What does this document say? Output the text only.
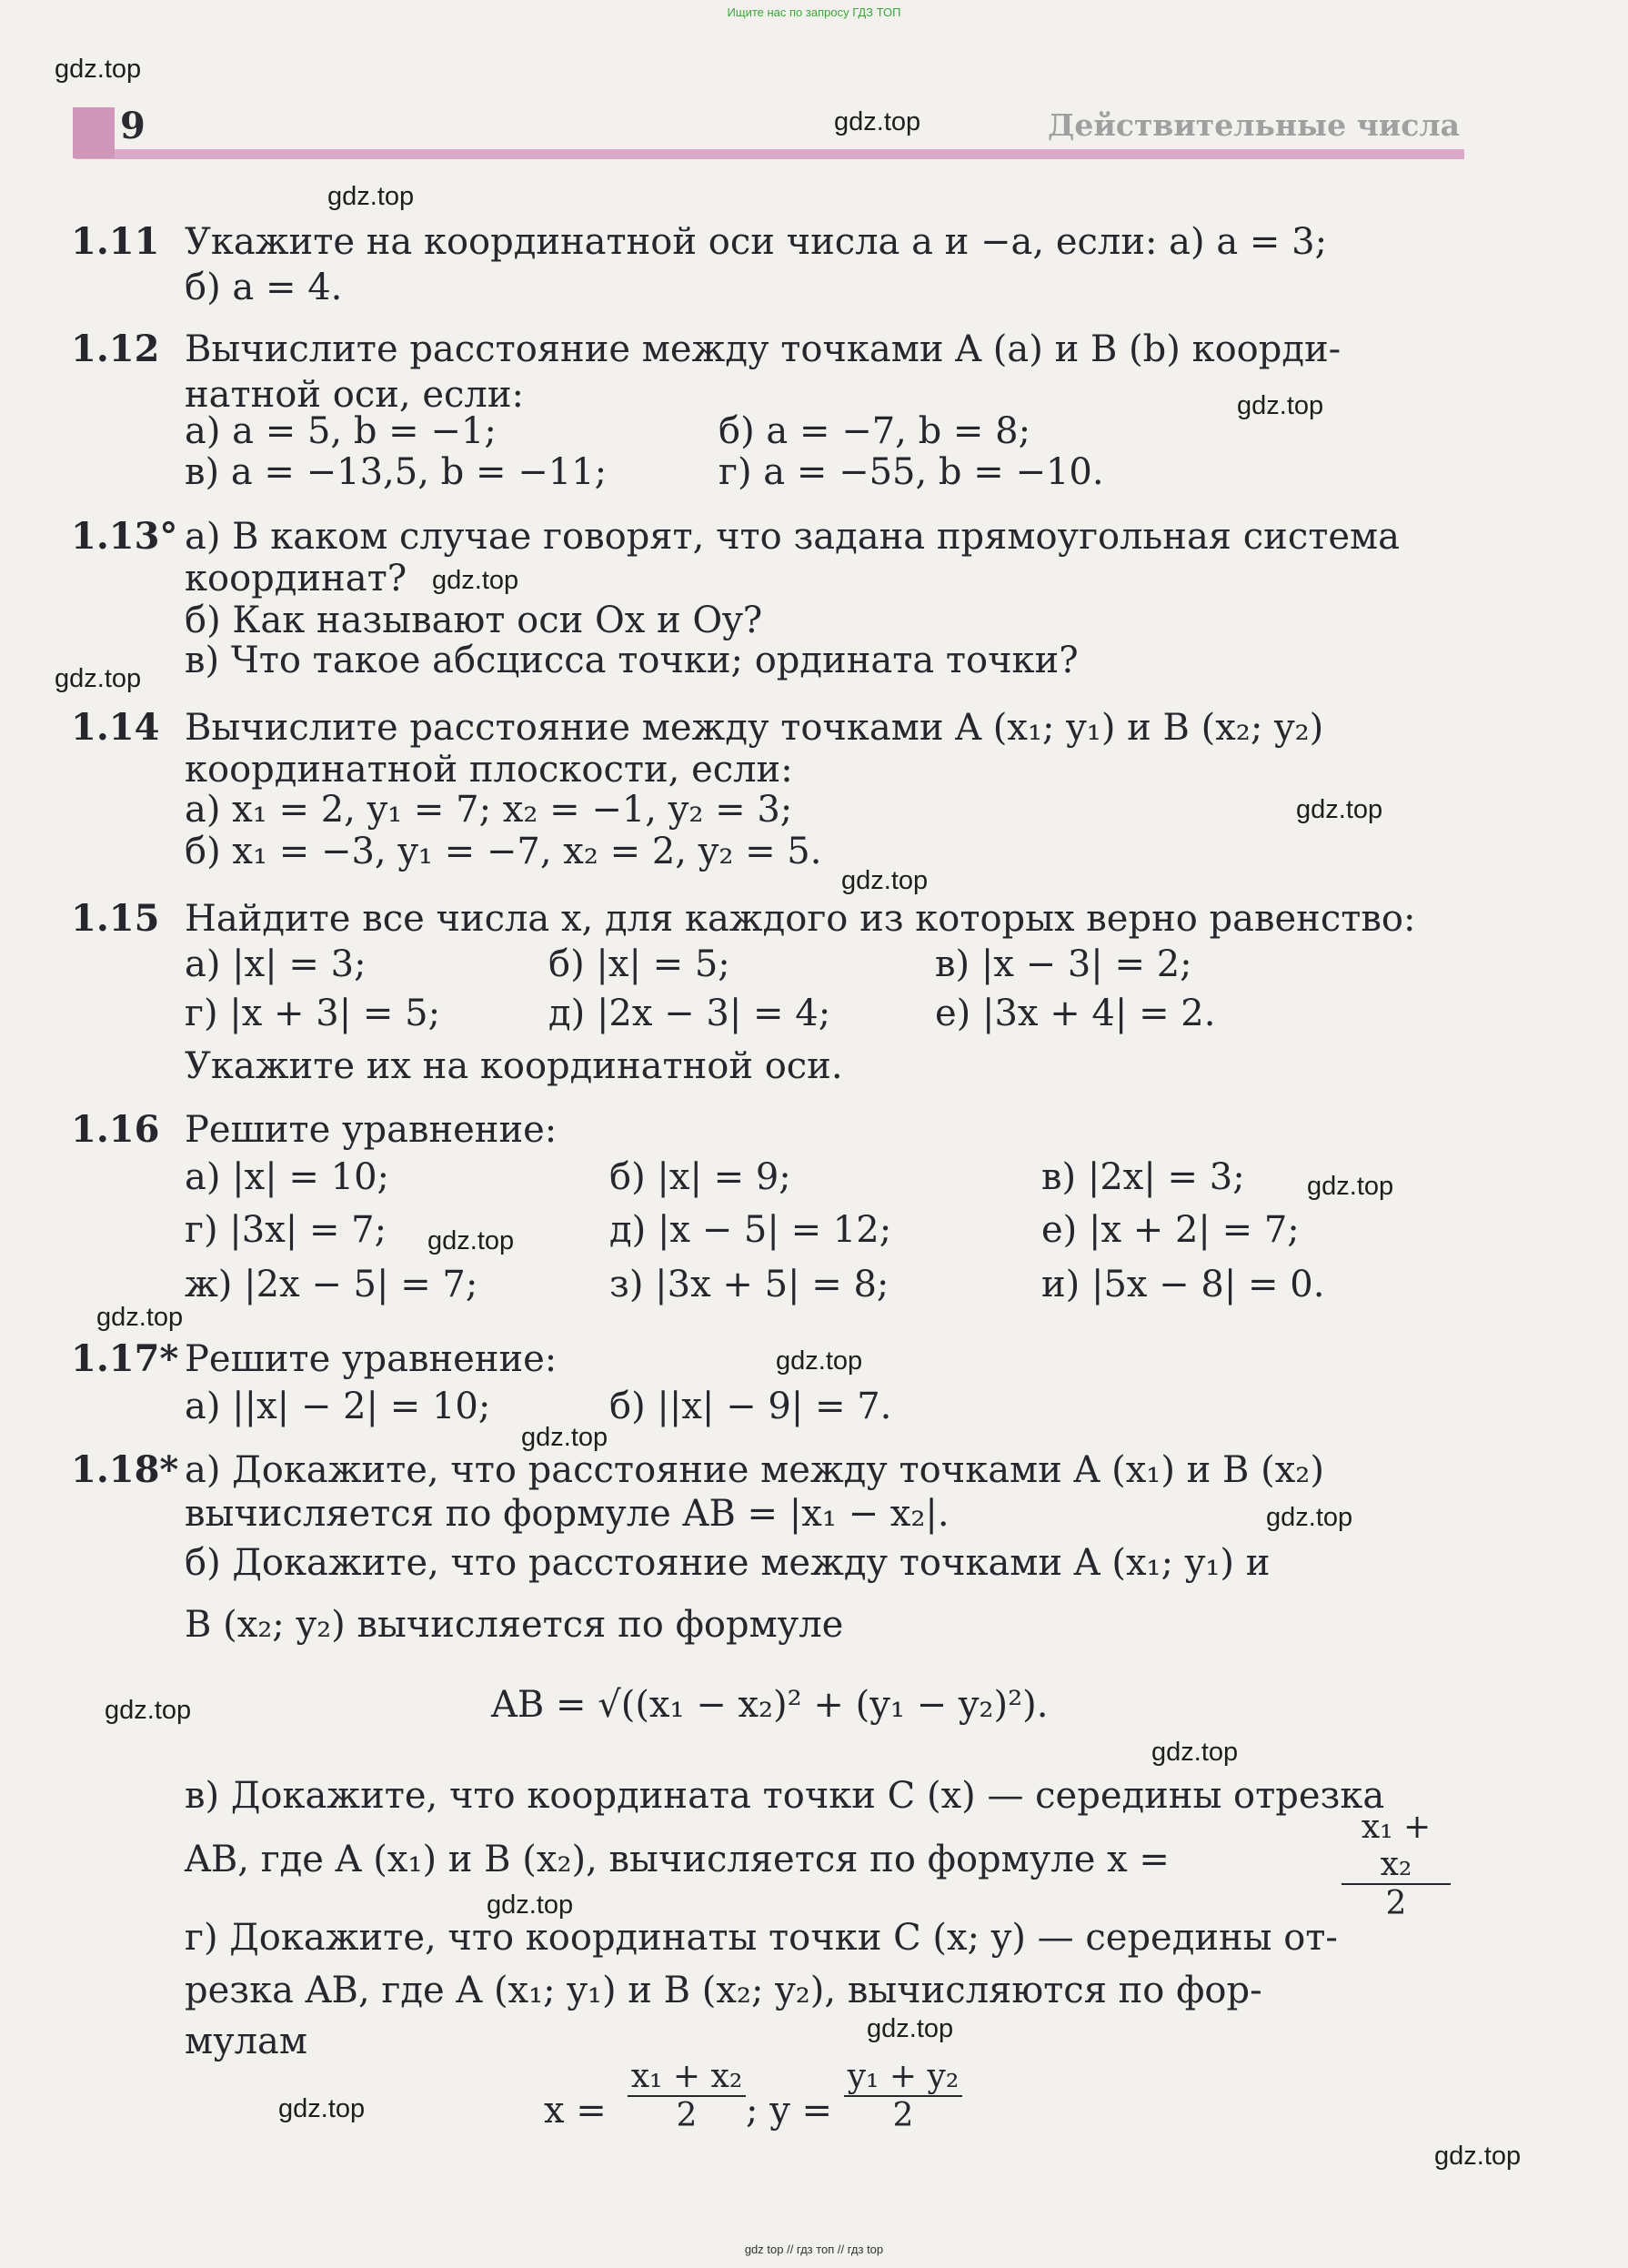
Ищите нас по запросу ГДЗ ТОП
9	Действительные числа
1.11 Укажите на координатной оси числа a и −a, если: а) a = 3;
б) a = 4.
1.12 Вычислите расстояние между точками A (a) и B (b) коорди-
натной оси, если:
а) a = 5, b = −1;	б) a = −7, b = 8;
в) a = −13,5, b = −11;	г) a = −55, b = −10.
1.13° а) В каком случае говорят, что задана прямоугольная система
координат?
б) Как называют оси Ox и Oy?
в) Что такое абсцисса точки; ордината точки?
1.14 Вычислите расстояние между точками A (x₁; y₁) и B (x₂; y₂)
координатной плоскости, если:
а) x₁ = 2, y₁ = 7; x₂ = −1, y₂ = 3;
б) x₁ = −3, y₁ = −7, x₂ = 2, y₂ = 5.
1.15 Найдите все числа x, для каждого из которых верно равенство:
а) |x| = 3;	б) |x| = 5;	в) |x − 3| = 2;
г) |x + 3| = 5;	д) |2x − 3| = 4;	е) |3x + 4| = 2.
Укажите их на координатной оси.
1.16 Решите уравнение:
а) |x| = 10;	б) |x| = 9;	в) |2x| = 3;
г) |3x| = 7;	д) |x − 5| = 12;	е) |x + 2| = 7;
ж) |2x − 5| = 7;	з) |3x + 5| = 8;	и) |5x − 8| = 0.
1.17* Решите уравнение:
а) ||x| − 2| = 10;	б) ||x| − 9| = 7.
1.18* а) Докажите, что расстояние между точками A (x₁) и B (x₂)
вычисляется по формуле AB = |x₁ − x₂|.
б) Докажите, что расстояние между точками A (x₁; y₁) и
B (x₂; y₂) вычисляется по формуле
AB = √((x₁ − x₂)² + (y₁ − y₂)²).
в) Докажите, что координата точки C (x) — середины отрезка
AB, где A (x₁) и B (x₂), вычисляется по формуле x =	$\frac{\text{x₁ + x₂}}{2}$
г) Докажите, что координаты точки C (x; y) — середины от-
резка AB, где A (x₁; y₁) и B (x₂; y₂), вычисляются по фор-
мулам
$x = \frac{\text{x₁ + x₂}}{2}$ ; $y = \frac{\text{y₁ + y₂}}{2}$
gdz.top
gdz.top
gdz.top
gdz.top
gdz.top
gdz.top
gdz.top
gdz.top
gdz.top
gdz.top
gdz.top
gdz.top
gdz.top
gdz.top
gdz.top
gdz.top
gdz.top
gdz.top
gdz.top
gdz.top
gdz top // гдз топ // гдз top
